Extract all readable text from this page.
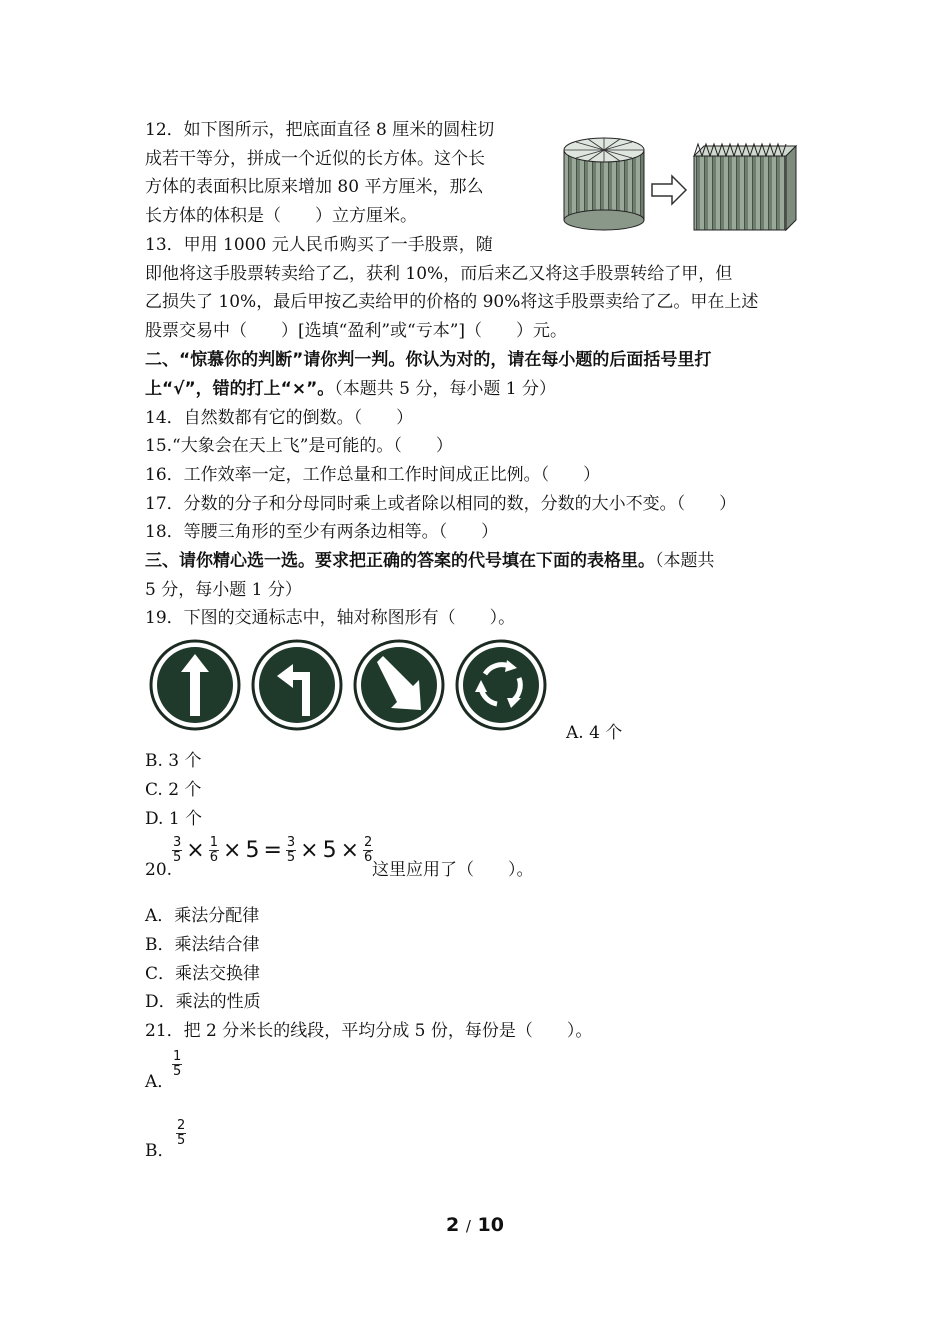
12．如下图所示，把底面直径 8 厘米的圆柱切
成若干等分，拼成一个近似的长方体。这个长
方体的表面积比原来增加 80 平方厘米，那么
长方体的体积是（　　）立方厘米。
13．甲用 1000 元人民币购买了一手股票，随
即他将这手股票转卖给了乙，获利 10%，而后来乙又将这手股票转给了甲，但
乙损失了 10%，最后甲按乙卖给甲的价格的 90%将这手股票卖给了乙。甲在上述
股票交易中（　　）[选填“盈利”或“亏本”]（　　）元。
二、“惊慕你的判断”请你判一判。你认为对的，请在每小题的后面括号里打
上“√”，错的打上“×”。（本题共 5 分，每小题 1 分）
14．自然数都有它的倒数。（　　）
15.“大象会在天上飞”是可能的。（　　）
16．工作效率一定，工作总量和工作时间成正比例。（　　）
17．分数的分子和分母同时乘上或者除以相同的数，分数的大小不变。（　　）
18．等腰三角形的至少有两条边相等。（　　）
三、请你精心选一选。要求把正确的答案的代号填在下面的表格里。（本题共
5 分，每小题 1 分）
19．下图的交通标志中，轴对称图形有（　　）。
A. 4 个
B. 3 个
C. 2 个
D. 1 个
20.
$\frac{3}{5} \times \frac{1}{6} \times 5 = \frac{3}{5} \times 5 \times \frac{2}{6}$
这里应用了（　　）。
A．乘法分配律
B．乘法结合律
C．乘法交换律
D．乘法的性质
21．把 2 分米长的线段，平均分成 5 份，每份是（　　）。
A．
$\frac{1}{5}$
B．
$\frac{2}{5}$
2 / 10
